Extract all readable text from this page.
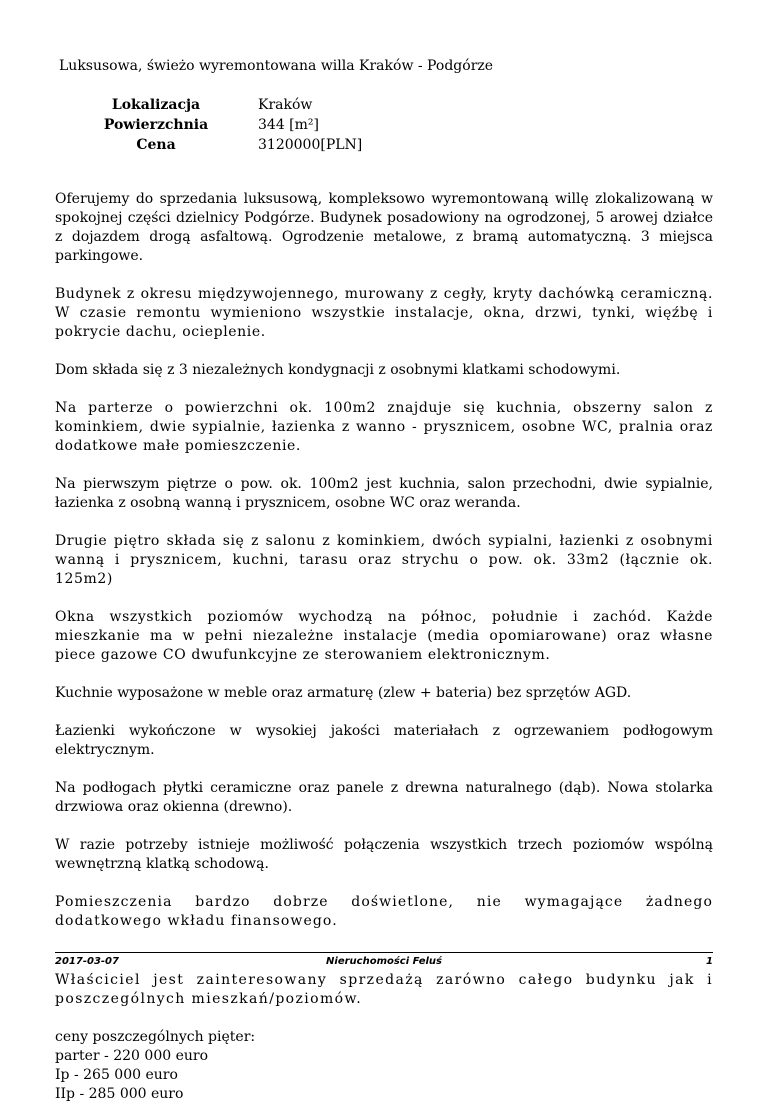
Luksusowa, świeżo wyremontowana willa Kraków - Podgórze
Lokalizacja	Kraków
Powierzchnia	344 [m²]
Cena	3120000[PLN]

Oferujemy do sprzedania luksusową, kompleksowo wyremontowaną willę zlokalizowaną w spokojnej części dzielnicy Podgórze. Budynek posadowiony na ogrodzonej, 5 arowej działce z dojazdem drogą asfaltową. Ogrodzenie metalowe, z bramą automatyczną. 3 miejsca parkingowe.

Budynek z okresu międzywojennego, murowany z cegły, kryty dachówką ceramiczną. W czasie remontu wymieniono wszystkie instalacje, okna, drzwi, tynki, więźbę i pokrycie dachu, ocieplenie.

Dom składa się z 3 niezależnych kondygnacji z osobnymi klatkami schodowymi.

Na parterze o powierzchni ok. 100m2 znajduje się kuchnia, obszerny salon z kominkiem, dwie sypialnie, łazienka z wanno - prysznicem, osobne WC, pralnia oraz dodatkowe małe pomieszczenie.

Na pierwszym piętrze o pow. ok. 100m2 jest kuchnia, salon przechodni, dwie sypialnie, łazienka z osobną wanną i prysznicem, osobne WC oraz weranda.

Drugie piętro składa się z salonu z kominkiem, dwóch sypialni, łazienki z osobnymi wanną i prysznicem, kuchni, tarasu oraz strychu o pow. ok. 33m2 (łącznie ok. 125m2)

Okna wszystkich poziomów wychodzą na północ, południe i zachód. Każde mieszkanie ma w pełni niezależne instalacje (media opomiarowane) oraz własne piece gazowe CO dwufunkcyjne ze sterowaniem elektronicznym.

Kuchnie wyposażone w meble oraz armaturę (zlew + bateria) bez sprzętów AGD.

Łazienki wykończone w wysokiej jakości materiałach z ogrzewaniem podłogowym elektrycznym.

Na podłogach płytki ceramiczne oraz panele z drewna naturalnego (dąb). Nowa stolarka drzwiowa oraz okienna (drewno).

W razie potrzeby istnieje możliwość połączenia wszystkich trzech poziomów wspólną wewnętrzną klatką schodową.

Pomieszczenia bardzo dobrze doświetlone, nie wymagające żadnego dodatkowego wkładu finansowego.

Właściciel jest zainteresowany sprzedażą zarówno całego budynku jak i poszczególnych mieszkań/poziomów.

ceny poszczególnych pięter:
parter - 220 000 euro
Ip - 265 000 euro
IIp - 285 000 euro
Nieruchomości Feluś
2017-03-07	1
